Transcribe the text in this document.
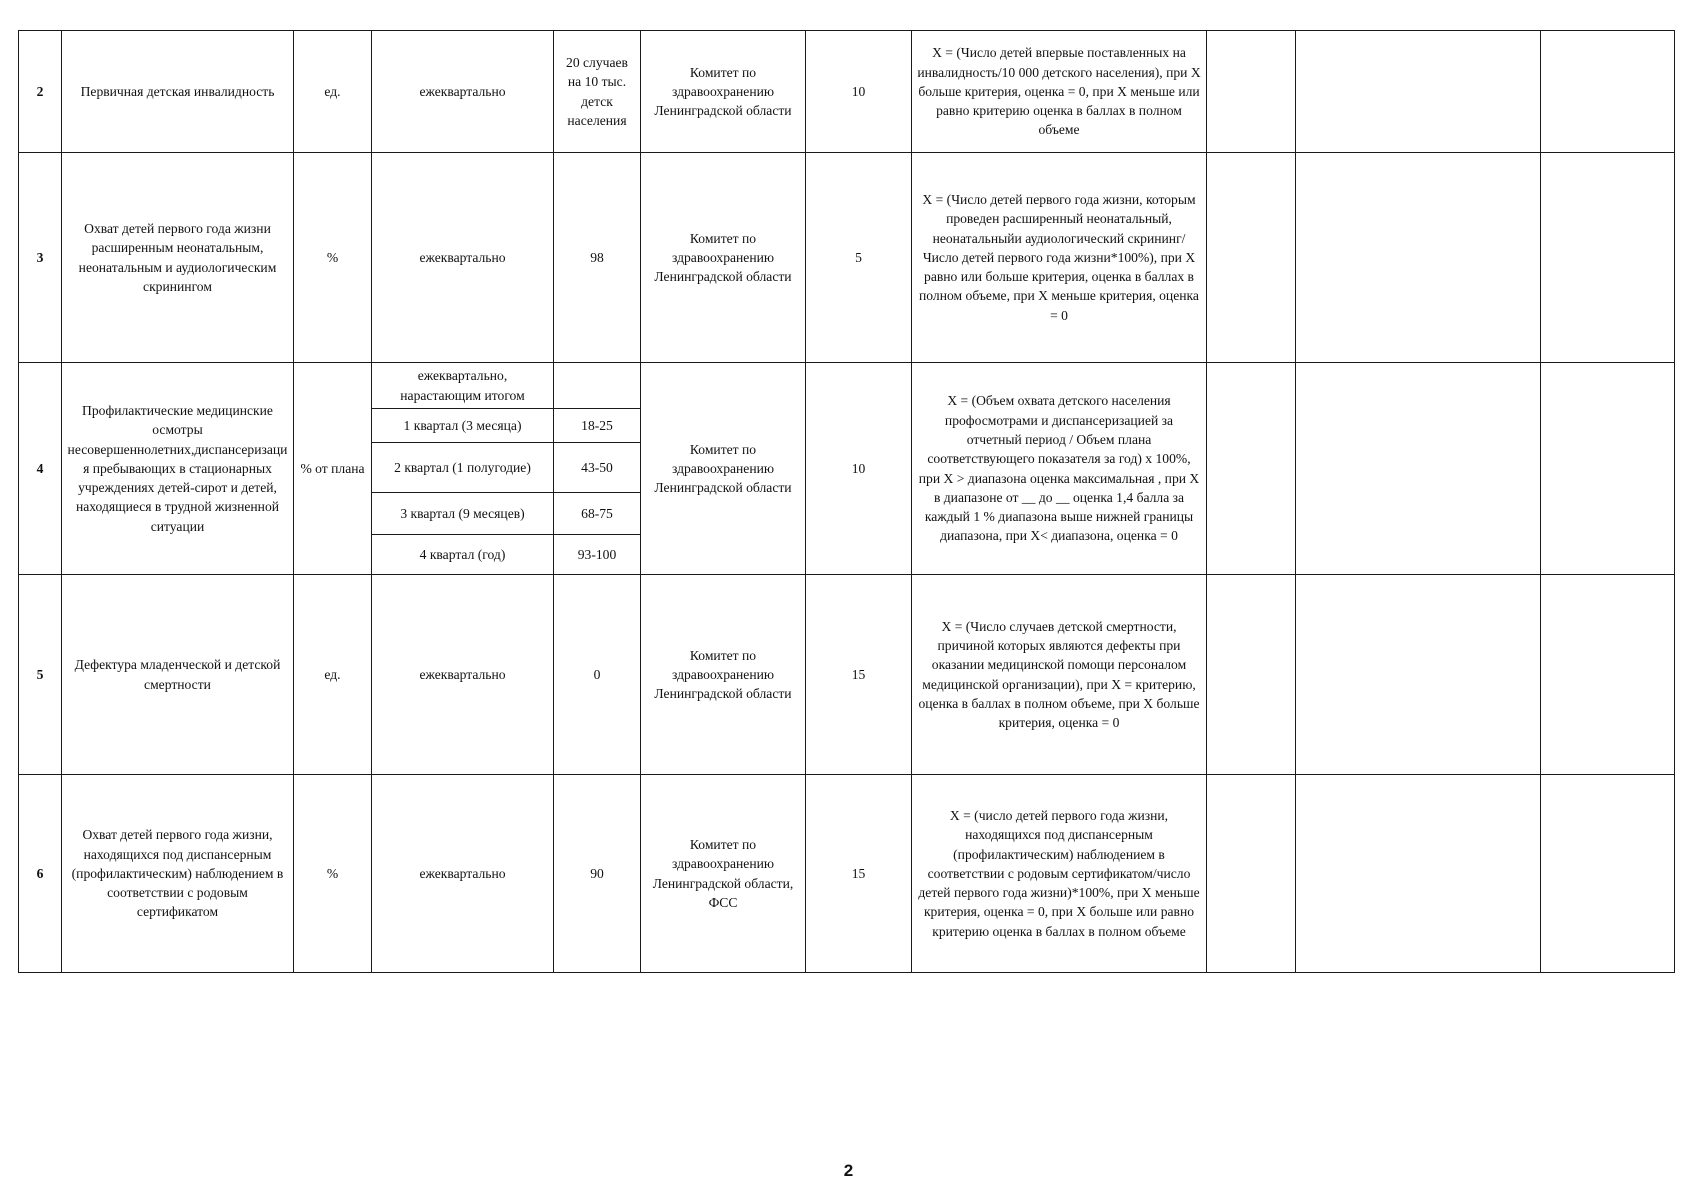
2	Первичная детская инвалидность	ед.	ежеквартально	20 случаев на 10 тыс. детск населения	Комитет по здравоохранению Ленинградской области	10	X = (Число детей впервые поставленных на инвалидность/10 000 детского населения), при X больше критерия, оценка = 0, при X меньше или равно критерию оценка в баллах в полном объеме			
3	Охват детей первого года жизни расширенным неонатальным, неонатальным и аудиологическим скринингом	%	ежеквартально	98	Комитет по здравоохранению Ленинградской области	5	X = (Число детей первого года жизни, которым проведен расширенный неонатальный, неонатальныйи аудиологический скрининг/Число детей первого года жизни*100%), при X равно или больше критерия, оценка в баллах в полном объеме, при X меньше критерия, оценка = 0			
4	Профилактические медицинские осмотры несовершеннолетних,диспансеризаци я пребывающих в стационарных учреждениях детей-сирот и детей, находящиеся в трудной жизненной ситуации	% от плана	ежеквартально, нарастающим итогом		Комитет по здравоохранению Ленинградской области	10	X = (Объем охвата детского населения профосмотрами и диспансеризацией за отчетный период / Объем плана соответствующего показателя за год) х 100%, при X > диапазона оценка максимальная , при X в диапазоне от __ до __ оценка 1,4 балла за каждый 1 % диапазона выше нижней границы диапазона, при X< диапазона, оценка = 0			
			1 квартал (3 месяца)	18-25						
			2 квартал (1 полугодие)	43-50						
			3 квартал (9 месяцев)	68-75						
			4 квартал (год)	93-100						
5	Дефектура младенческой и детской смертности	ед.	ежеквартально	0	Комитет по здравоохранению Ленинградской области	15	X = (Число случаев детской смертности, причиной которых являются дефекты при оказании медицинской помощи персоналом медицинской организации), при X = критерию, оценка в баллах в полном объеме, при X больше критерия, оценка = 0			
6	Охват детей первого года жизни, находящихся под диспансерным (профилактическим) наблюдением в соответствии с родовым сертификатом	%	ежеквартально	90	Комитет по здравоохранению Ленинградской области, ФСС	15	X = (число детей первого года жизни, находящихся под диспансерным (профилактическим) наблюдением в соответствии с родовым сертификатом/число детей первого года жизни)*100%, при X меньше критерия, оценка = 0, при X больше или равно критерию оценка в баллах в полном объеме			
2
